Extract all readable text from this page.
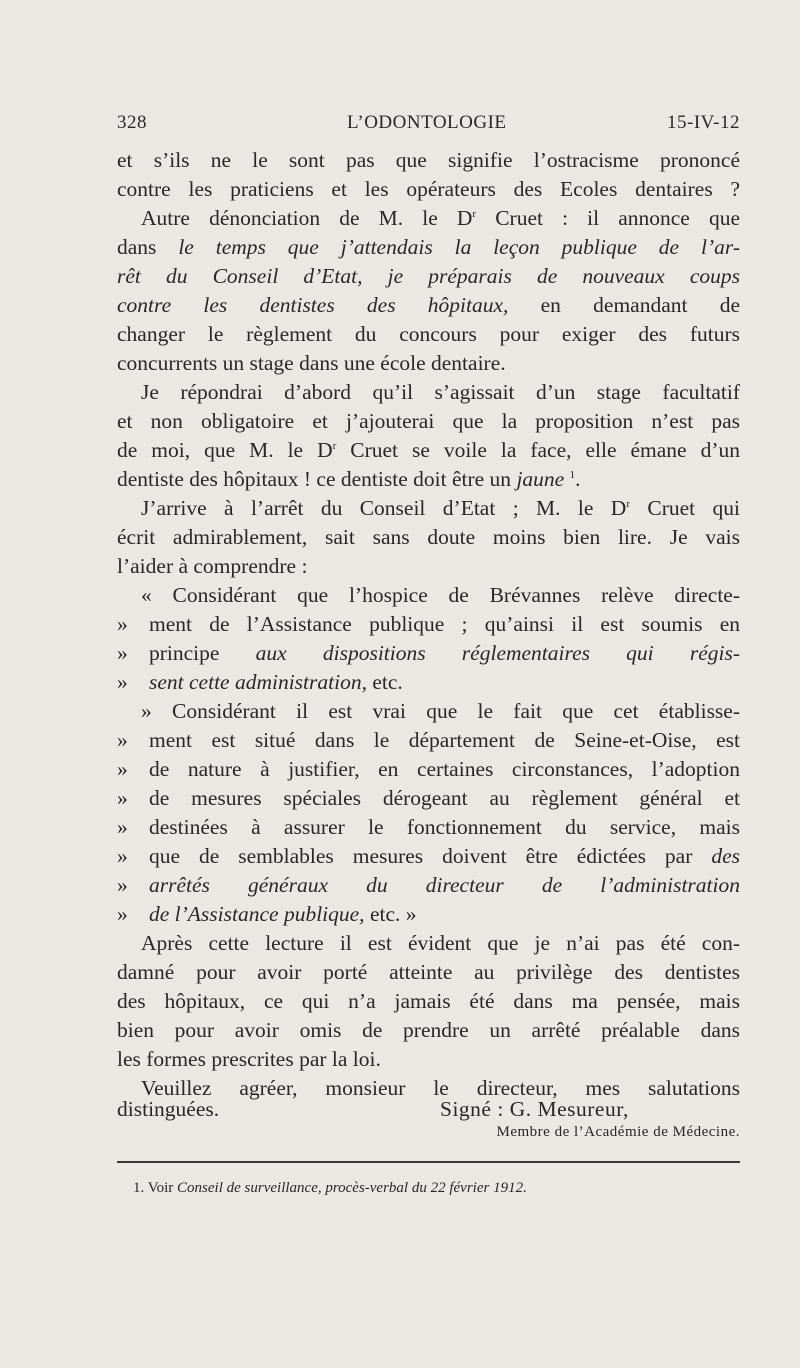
328	L’ODONTOLOGIE	15-IV-12
et s’ils ne le sont pas que signifie l’ostracisme prononcé
contre les praticiens et les opérateurs des Ecoles dentaires ?
Autre dénonciation de M. le $D^r$ Cruet : il annonce que
dans le temps que j’attendais la leçon publique de l’ar-
rêt du Conseil d’Etat, je préparais de nouveaux coups
contre les dentistes des hôpitaux, en demandant de
changer le règlement du concours pour exiger des futurs
concurrents un stage dans une école dentaire.
Je répondrai d’abord qu’il s’agissait d’un stage facultatif
et non obligatoire et j’ajouterai que la proposition n’est pas
de moi, que M. le $D^r$ Cruet se voile la face, elle émane d’un
dentiste des hôpitaux ! ce dentiste doit être un jaune $^1$.
J’arrive à l’arrêt du Conseil d’Etat ; M. le $D^r$ Cruet qui
écrit admirablement, sait sans doute moins bien lire. Je vais
l’aider à comprendre :
« Considérant que l’hospice de Brévannes relève directe-
» ment de l’Assistance publique ; qu’ainsi il est soumis en
» principe aux dispositions réglementaires qui régis-
» sent cette administration, etc.
» Considérant il est vrai que le fait que cet établisse-
» ment est situé dans le département de Seine-et-Oise, est
» de nature à justifier, en certaines circonstances, l’adoption
» de mesures spéciales dérogeant au règlement général et
» destinées à assurer le fonctionnement du service, mais
» que de semblables mesures doivent être édictées par des
» arrêtés généraux du directeur de l’administration
» de l’Assistance publique, etc. »
Après cette lecture il est évident que je n’ai pas été con-
damné pour avoir porté atteinte au privilège des dentistes
des hôpitaux, ce qui n’a jamais été dans ma pensée, mais
bien pour avoir omis de prendre un arrêté préalable dans
les formes prescrites par la loi.
Veuillez agréer, monsieur le directeur, mes salutations
distinguées.	Signé : G. Mesureur,
Membre de l’Académie de Médecine.
1. Voir Conseil de surveillance, procès-verbal du 22 février 1912.
